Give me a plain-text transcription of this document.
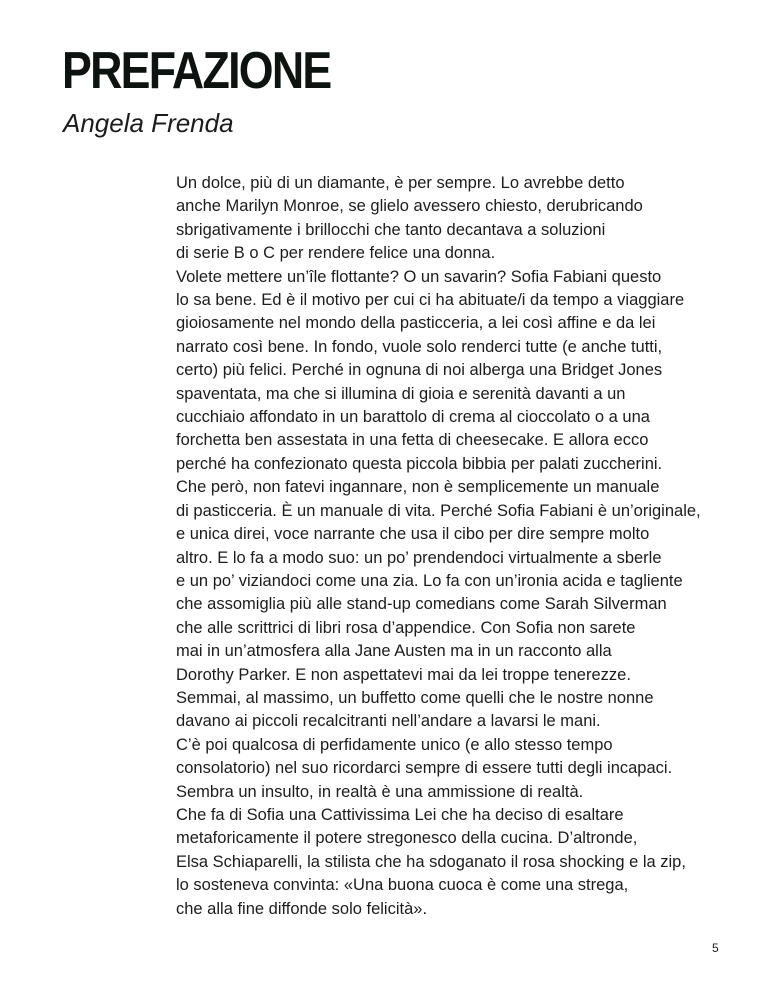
PREFAZIONE

Angela Frenda

Un dolce, più di un diamante, è per sempre. Lo avrebbe detto
anche Marilyn Monroe, se glielo avessero chiesto, derubricando
sbrigativamente i brillocchi che tanto decantava a soluzioni
di serie B o C per rendere felice una donna.
Volete mettere un’île flottante? O un savarin? Sofia Fabiani questo
lo sa bene. Ed è il motivo per cui ci ha abituate/i da tempo a viaggiare
gioiosamente nel mondo della pasticceria, a lei così affine e da lei
narrato così bene. In fondo, vuole solo renderci tutte (e anche tutti,
certo) più felici. Perché in ognuna di noi alberga una Bridget Jones
spaventata, ma che si illumina di gioia e serenità davanti a un
cucchiaio affondato in un barattolo di crema al cioccolato o a una
forchetta ben assestata in una fetta di cheesecake. E allora ecco
perché ha confezionato questa piccola bibbia per palati zuccherini.
Che però, non fatevi ingannare, non è semplicemente un manuale
di pasticceria. È un manuale di vita. Perché Sofia Fabiani è un’originale,
e unica direi, voce narrante che usa il cibo per dire sempre molto
altro. E lo fa a modo suo: un po’ prendendoci virtualmente a sberle
e un po’ viziandoci come una zia. Lo fa con un’ironia acida e tagliente
che assomiglia più alle stand-up comedians come Sarah Silverman
che alle scrittrici di libri rosa d’appendice. Con Sofia non sarete
mai in un’atmosfera alla Jane Austen ma in un racconto alla
Dorothy Parker. E non aspettatevi mai da lei troppe tenerezze.
Semmai, al massimo, un buffetto come quelli che le nostre nonne
davano ai piccoli recalcitranti nell’andare a lavarsi le mani.
C’è poi qualcosa di perfidamente unico (e allo stesso tempo
consolatorio) nel suo ricordarci sempre di essere tutti degli incapaci.
Sembra un insulto, in realtà è una ammissione di realtà.
Che fa di Sofia una Cattivissima Lei che ha deciso di esaltare
metaforicamente il potere stregonesco della cucina. D’altronde,
Elsa Schiaparelli, la stilista che ha sdoganato il rosa shocking e la zip,
lo sosteneva convinta: «Una buona cuoca è come una strega,
che alla fine diffonde solo felicità».

5
